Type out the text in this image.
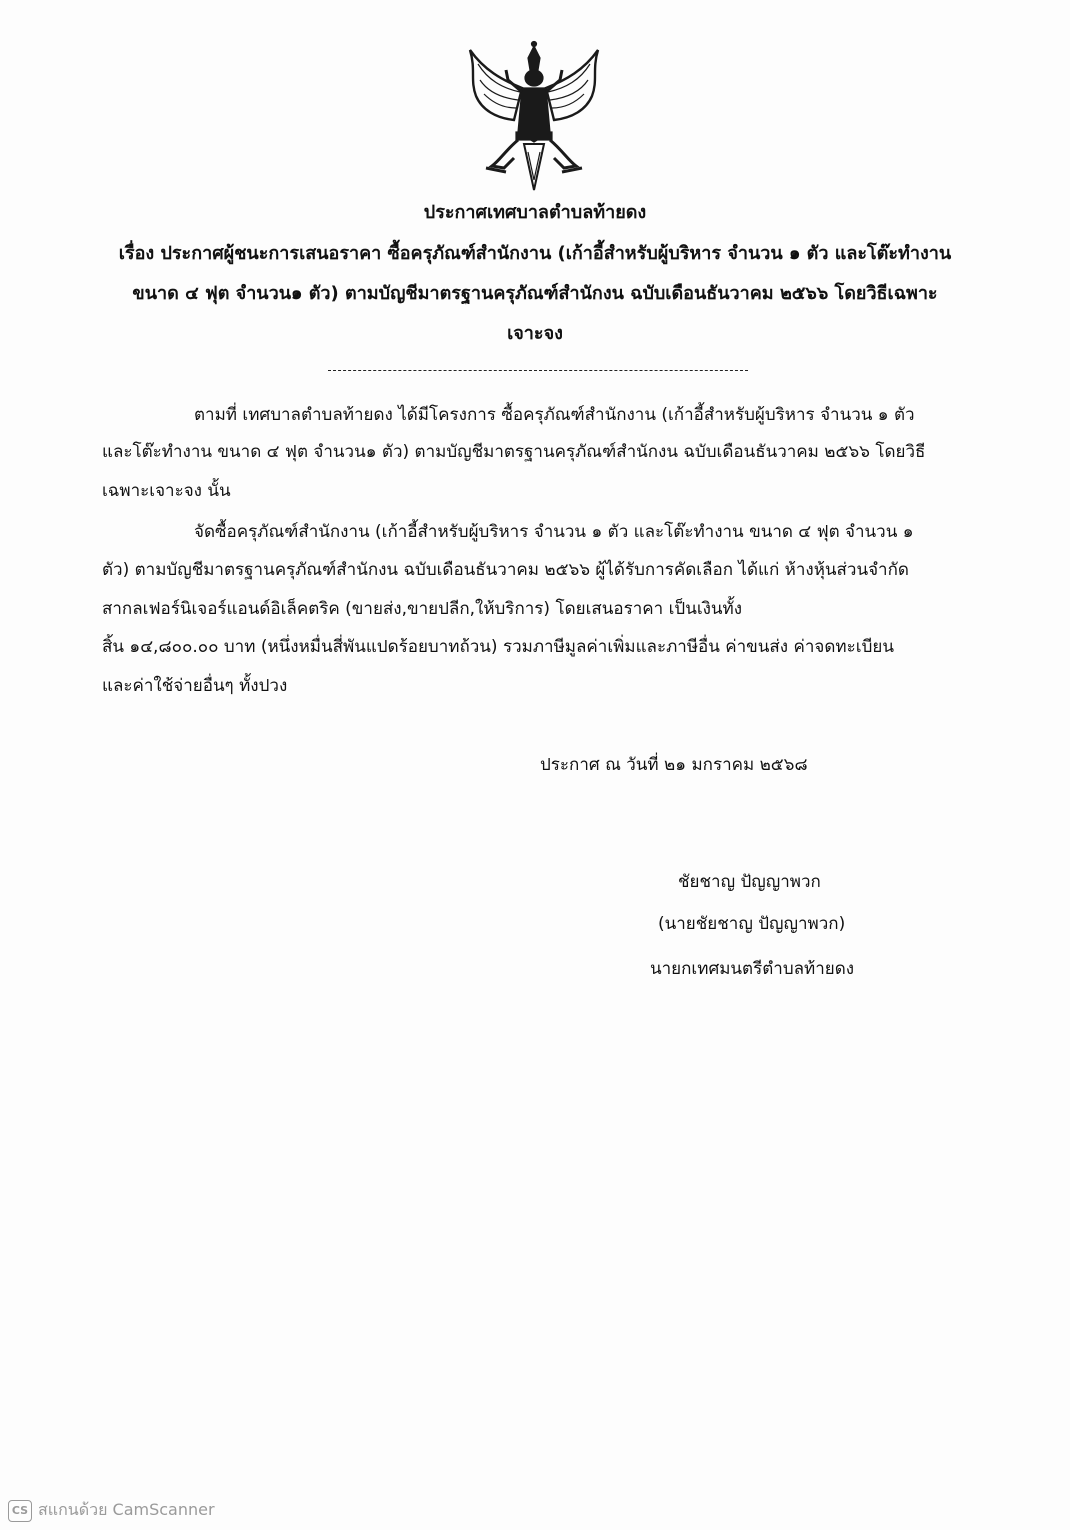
ประกาศเทศบาลตำบลท้ายดง
เรื่อง ประกาศผู้ชนะการเสนอราคา ซื้อครุภัณฑ์สำนักงาน (เก้าอี้สำหรับผู้บริหาร จำนวน ๑ ตัว และโต๊ะทำงาน
ขนาด ๔ ฟุต จำนวน๑ ตัว) ตามบัญชีมาตรฐานครุภัณฑ์สำนักงน ฉบับเดือนธันวาคม ๒๕๖๖ โดยวิธีเฉพาะ
เจาะจง
ตามที่ เทศบาลตำบลท้ายดง ได้มีโครงการ ซื้อครุภัณฑ์สำนักงาน (เก้าอี้สำหรับผู้บริหาร จำนวน ๑ ตัว
และโต๊ะทำงาน ขนาด ๔ ฟุต จำนวน๑ ตัว) ตามบัญชีมาตรฐานครุภัณฑ์สำนักงน ฉบับเดือนธันวาคม ๒๕๖๖ โดยวิธี
เฉพาะเจาะจง นั้น
จัดซื้อครุภัณฑ์สำนักงาน (เก้าอี้สำหรับผู้บริหาร จำนวน ๑ ตัว และโต๊ะทำงาน ขนาด ๔ ฟุต จำนวน ๑
ตัว) ตามบัญชีมาตรฐานครุภัณฑ์สำนักงน ฉบับเดือนธันวาคม ๒๕๖๖ ผู้ได้รับการคัดเลือก ได้แก่ ห้างหุ้นส่วนจำกัด
สากลเฟอร์นิเจอร์แอนด์อิเล็คตริค (ขายส่ง,ขายปลีก,ให้บริการ) โดยเสนอราคา เป็นเงินทั้ง
สิ้น ๑๔,๘๐๐.๐๐ บาท (หนึ่งหมื่นสี่พันแปดร้อยบาทถ้วน) รวมภาษีมูลค่าเพิ่มและภาษีอื่น ค่าขนส่ง ค่าจดทะเบียน
และค่าใช้จ่ายอื่นๆ ทั้งปวง
ประกาศ ณ วันที่ ๒๑ มกราคม ๒๕๖๘
ชัยชาญ ปัญญาพวก
(นายชัยชาญ ปัญญาพวก)
นายกเทศมนตรีตำบลท้ายดง
CS สแกนด้วย CamScanner
